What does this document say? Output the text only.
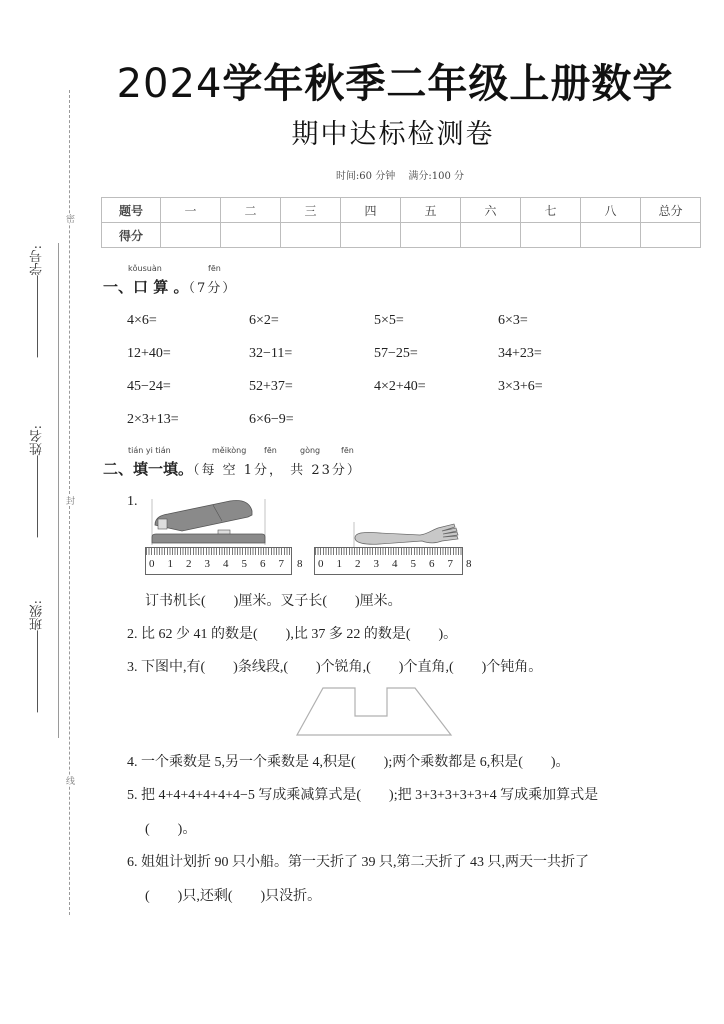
密
封
线
学号:
姓名:
班级:
2024学年秋季二年级上册数学
期中达标检测卷
时间:60 分钟 满分:100 分
题号	一	二	三	四	五	六	七	八	总分
得分									
kǒusuàn	fēn
一、口 算 。（7分）
4×6=	6×2=	5×5=	6×3=
12+40=	32−11=	57−25=	34+23=
45−24=	52+37=	4×2+40=	3×3+6=
2×3+13=	6×6−9=
tián yi tián	měikòng fēn	gòng	fēn
二、填一填。（每 空 1分， 共 23分）
1.
0 1 2 3 4 5 6 7 8	0 1 2 3 4 5 6 7 8
订书机长(　　)厘米。叉子长(　　)厘米。
2. 比 62 少 41 的数是(　　),比 37 多 22 的数是(　　)。
3. 下图中,有(　　)条线段,(　　)个锐角,(　　)个直角,(　　)个钝角。
4. 一个乘数是 5,另一个乘数是 4,积是(　　);两个乘数都是 6,积是(　　)。
5. 把 4+4+4+4+4+4−5 写成乘减算式是(　　);把 3+3+3+3+3+4 写成乘加算式是
(　　)。
6. 姐姐计划折 90 只小船。第一天折了 39 只,第二天折了 43 只,两天一共折了
(　　)只,还剩(　　)只没折。
